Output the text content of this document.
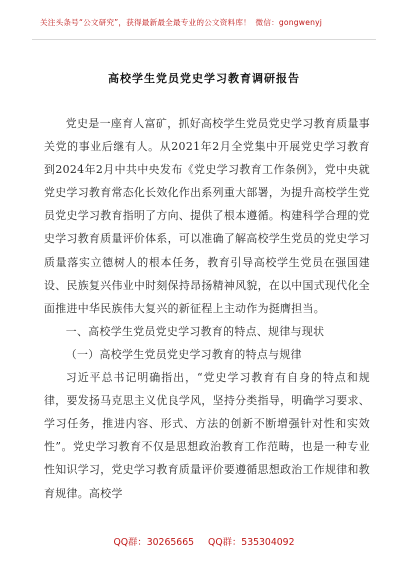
关注头条号“公文研究”，获得最新最全最专业的公文资料库！ 微信：gongwenyj
高校学生党员党史学习教育调研报告

党史是一座育人富矿，抓好高校学生党员党史学习教育质量事关党的事业后继有人。从2021年2月全党集中开展党史学习教育到2024年2月中共中央发布《党史学习教育工作条例》，党中央就党史学习教育常态化长效化作出系列重大部署，为提升高校学生党员党史学习教育指明了方向、提供了根本遵循。构建科学合理的党史学习教育质量评价体系，可以准确了解高校学生党员的党史学习质量落实立德树人的根本任务，教育引导高校学生党员在强国建设、民族复兴伟业中时刻保持昂扬精神风貌，在以中国式现代化全面推进中华民族伟大复兴的新征程上主动作为挺膺担当。

一、高校学生党员党史学习教育的特点、规律与现状

（一）高校学生党员党史学习教育的特点与规律

习近平总书记明确指出，“党史学习教育有自身的特点和规律，要发扬马克思主义优良学风，坚持分类指导，明确学习要求、学习任务，推进内容、形式、方法的创新不断增强针对性和实效性”。党史学习教育不仅是思想政治教育工作范畴，也是一种专业性知识学习，党史学习教育质量评价要遵循思想政治工作规律和教育规律。高校学

QQ群：30265665 QQ群：535304092
